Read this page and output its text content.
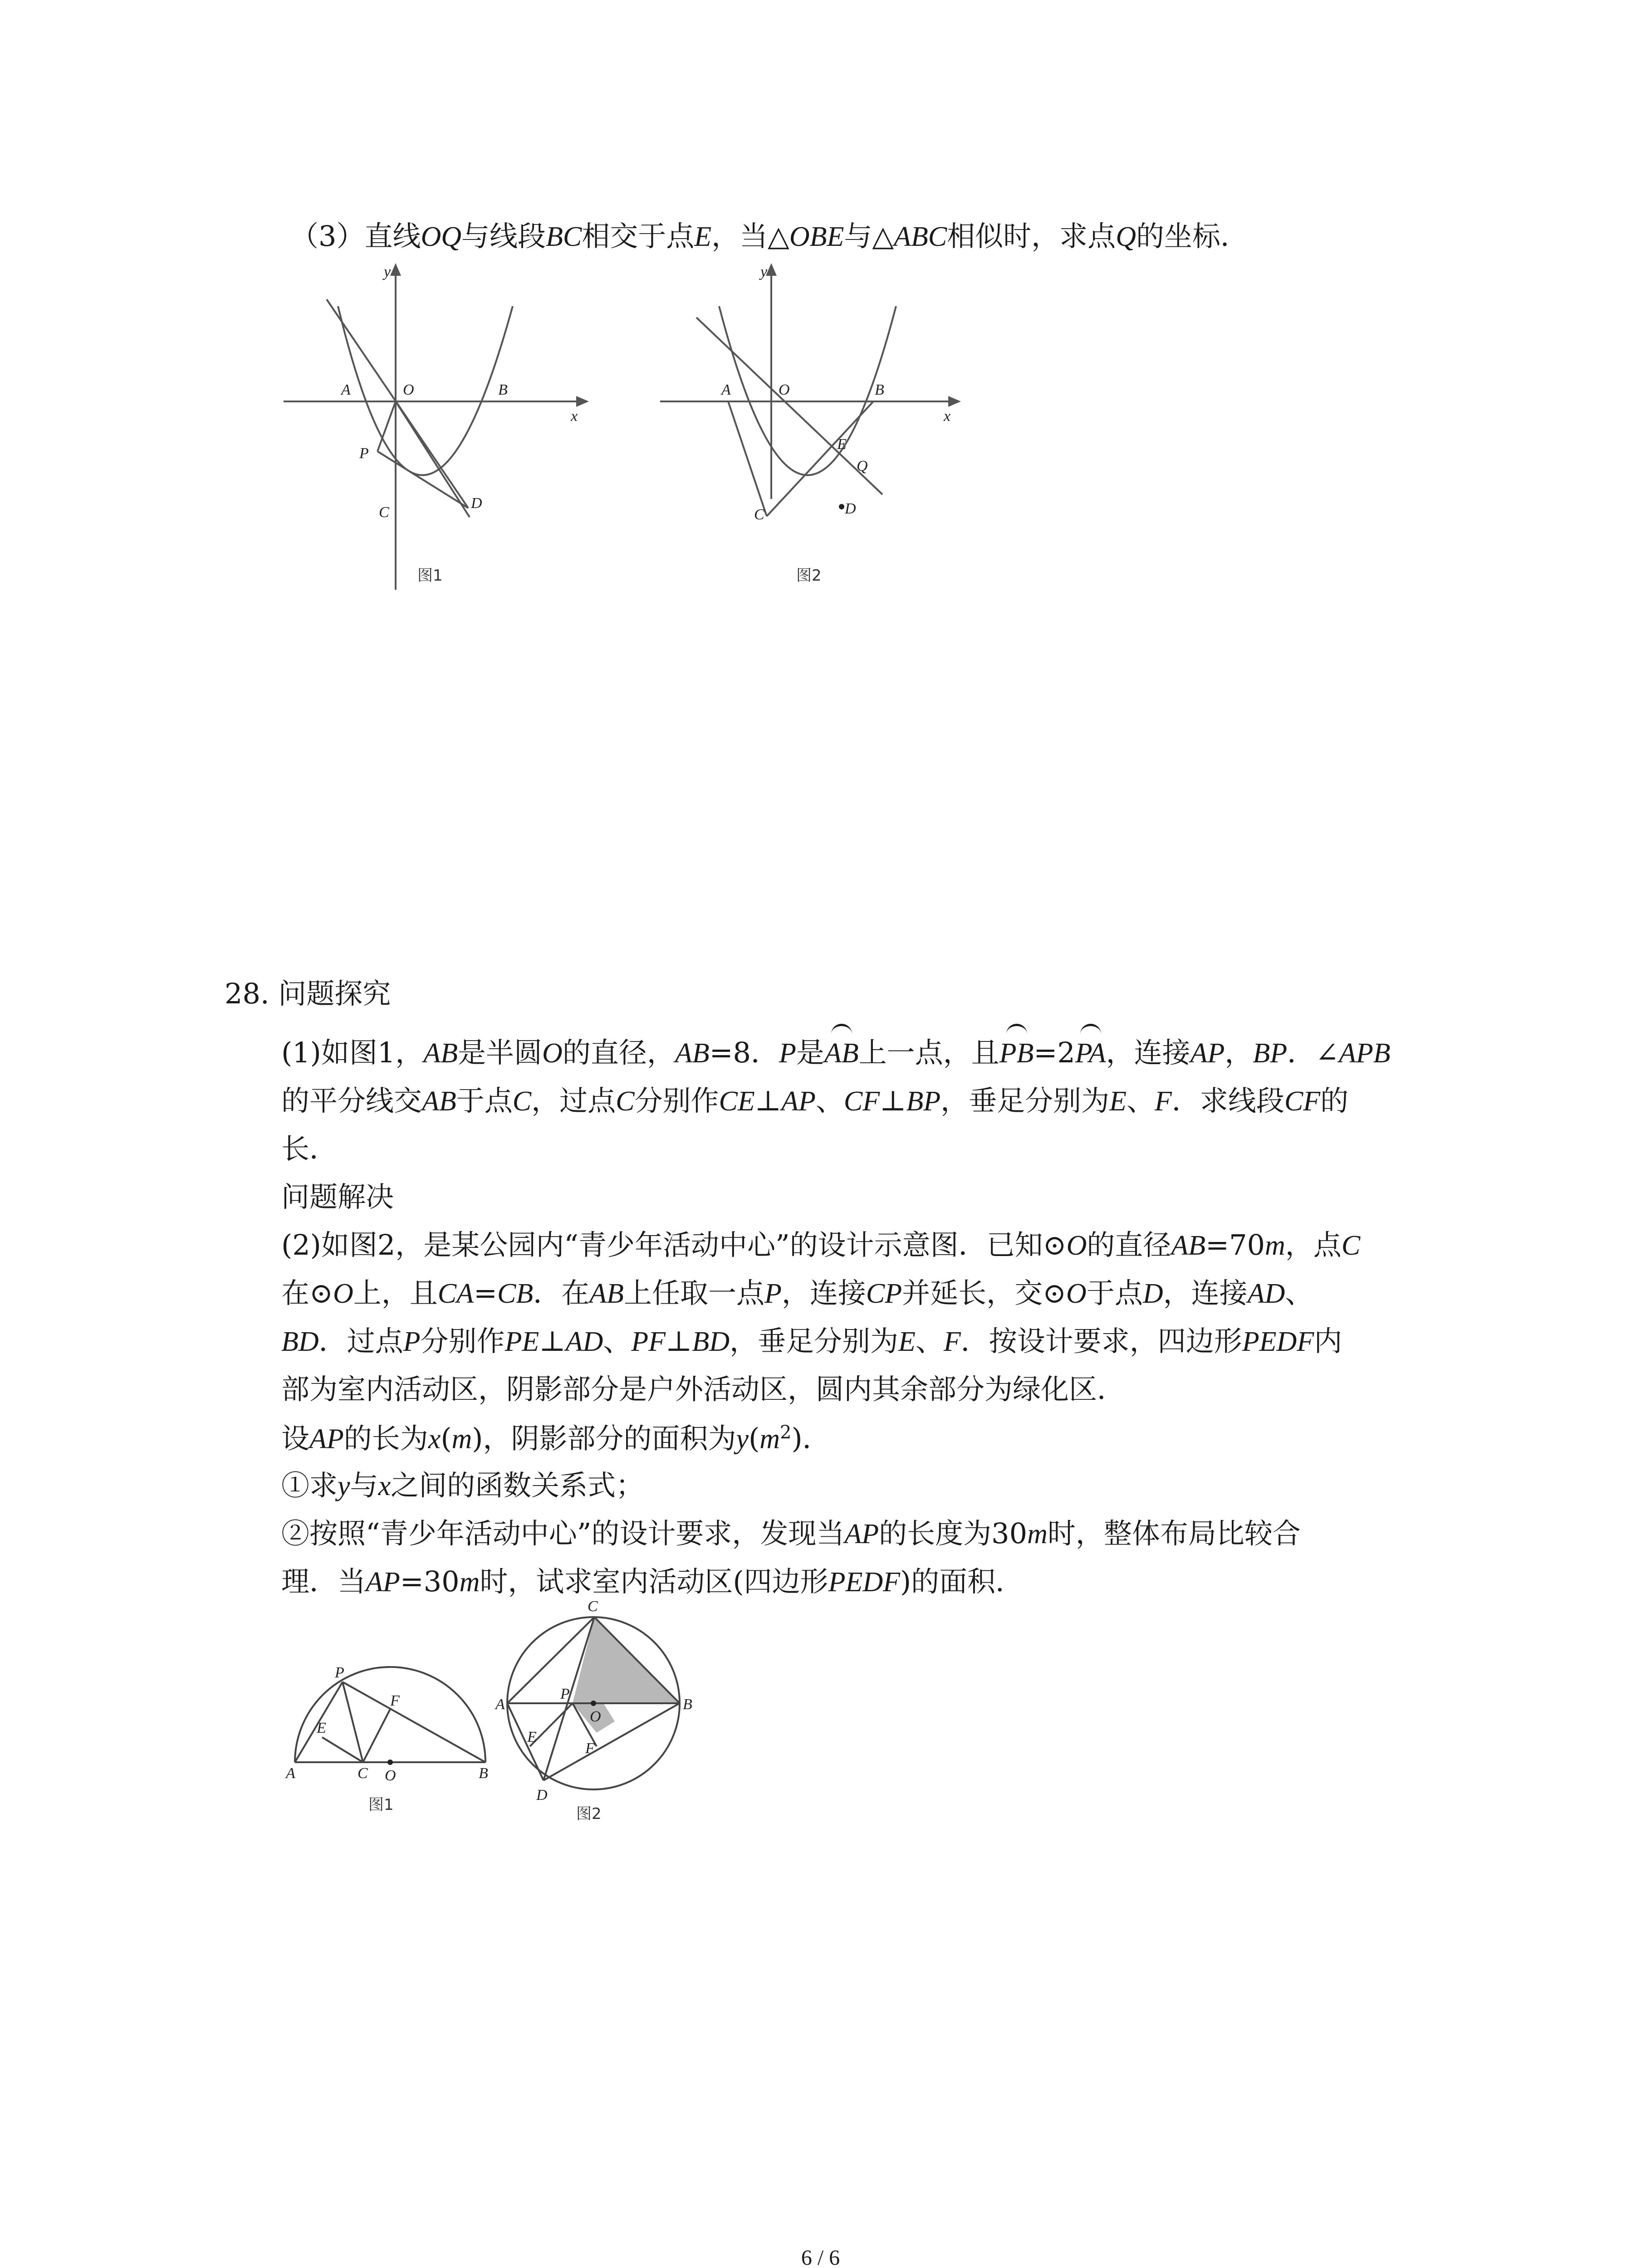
（3）直线OQ与线段BC相交于点E，当△OBE与△ABC相似时，求点Q的坐标．
y
x
A	O	B
P
C
D
图1
y
x
A	O	B
E
Q
C	D
图2
28. 问题探究
(1)如图1，AB是半圆O的直径，AB=8．P是AB上一点，且PB=2PA，连接AP，BP．∠APB
的平分线交AB于点C，过点C分别作CE⊥AP、CF⊥BP，垂足分别为E、F．求线段CF的
长．
问题解决
(2)如图2，是某公园内“青少年活动中心”的设计示意图．已知⊙O的直径AB=70m，点C
在⊙O上，且CA=CB．在AB上任取一点P，连接CP并延长，交⊙O于点D，连接AD、
BD．过点P分别作PE⊥AD、PF⊥BD，垂足分别为E、F．按设计要求，四边形PEDF内
部为室内活动区，阴影部分是户外活动区，圆内其余部分为绿化区．
设AP的长为x(m)，阴影部分的面积为$y(m^2)$．
①求y与x之间的函数关系式；
②按照“青少年活动中心”的设计要求，发现当AP的长度为30m时，整体布局比较合
理．当AP=30m时，试求室内活动区(四边形PEDF)的面积．
P
F
E
A	C O	B
图1
C
A
P
O
B
E
F
D
图2
6 / 6
